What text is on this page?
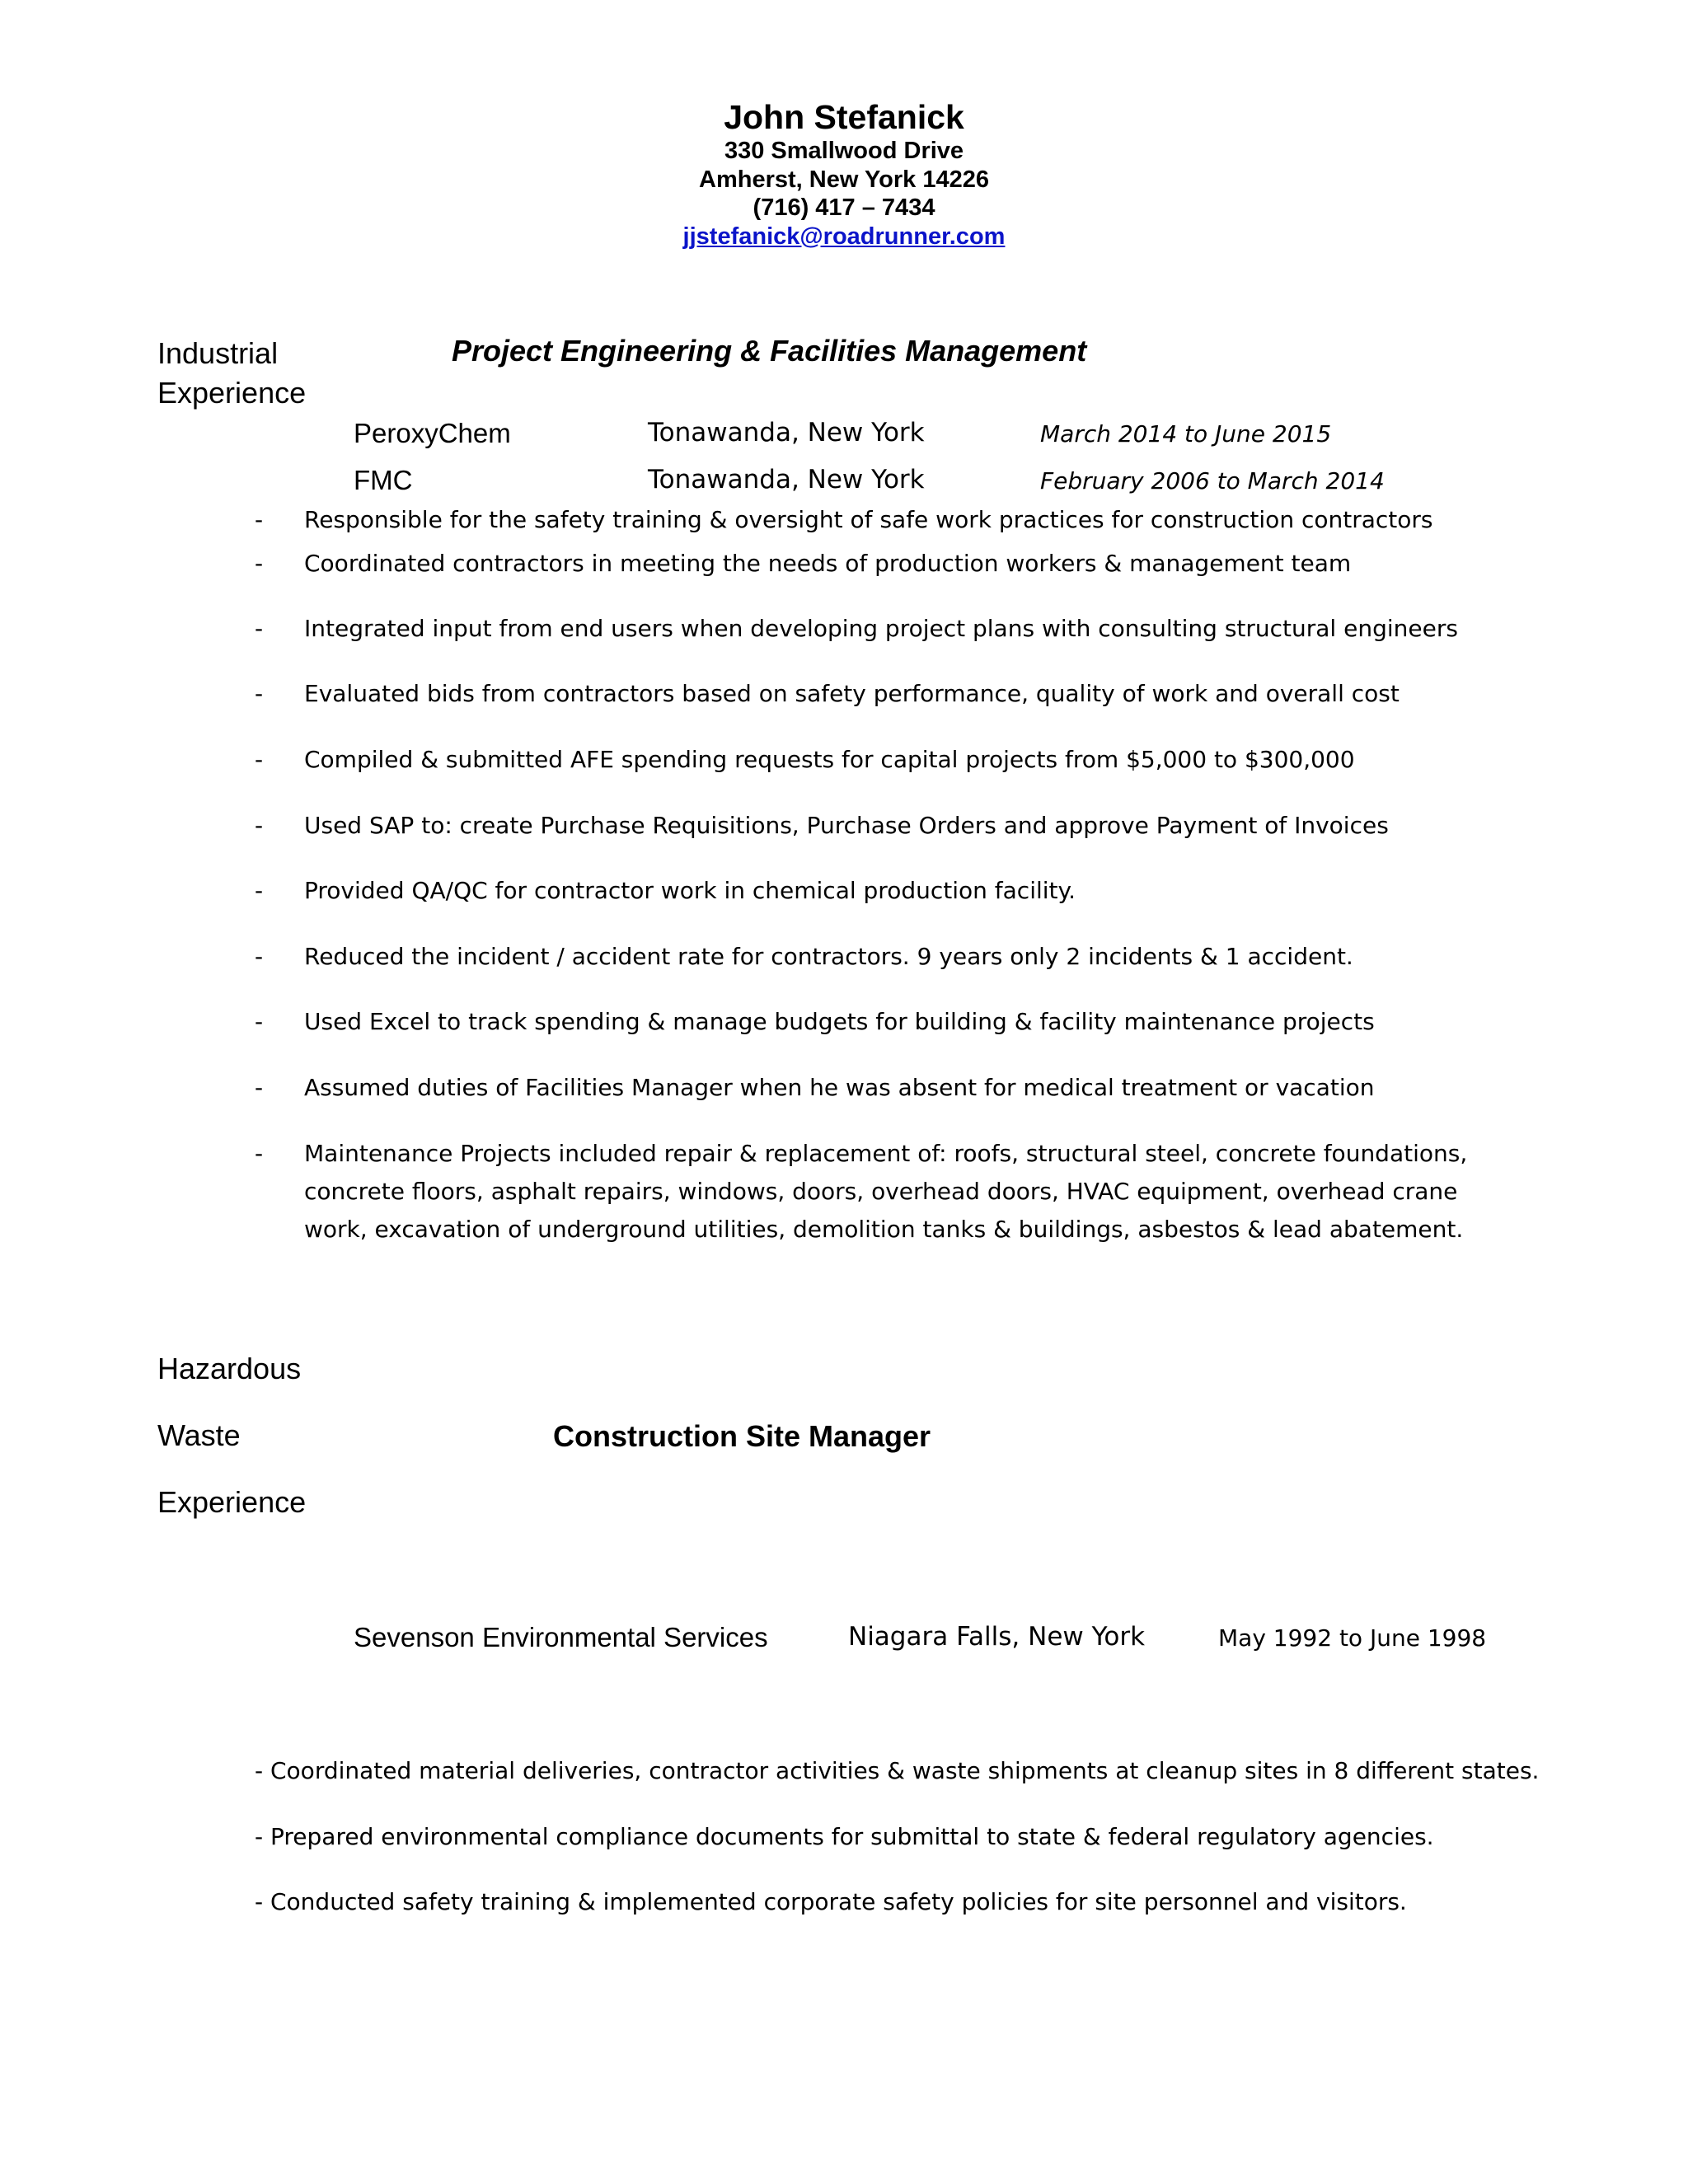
John Stefanick
330 Smallwood Drive
Amherst, New York 14226
(716) 417 – 7434
jjstefanick@roadrunner.com
Industrial
Experience
Project Engineering & Facilities Management
PeroxyChem	Tonawanda, New York	March 2014 to June 2015
FMC	Tonawanda, New York	February 2006 to March 2014
- Responsible for the safety training & oversight of safe work practices for construction contractors
- Coordinated contractors in meeting the needs of production workers & management team
- Integrated input from end users when developing project plans with consulting structural engineers
- Evaluated bids from contractors based on safety performance, quality of work and overall cost
- Compiled & submitted AFE spending requests for capital projects from $5,000 to $300,000
- Used SAP to: create Purchase Requisitions, Purchase Orders and approve Payment of Invoices
- Provided QA/QC for contractor work in chemical production facility.
- Reduced the incident / accident rate for contractors. 9 years only 2 incidents & 1 accident.
- Used Excel to track spending & manage budgets for building & facility maintenance projects
- Assumed duties of Facilities Manager when he was absent for medical treatment or vacation
- Maintenance Projects included repair & replacement of: roofs, structural steel, concrete foundations, concrete floors, asphalt repairs, windows, doors, overhead doors, HVAC equipment, overhead crane work, excavation of underground utilities, demolition tanks & buildings, asbestos & lead abatement.
Hazardous
Waste
Experience
Construction Site Manager
Sevenson Environmental Services	Niagara Falls, New York	May 1992 to June 1998
- Coordinated material deliveries, contractor activities & waste shipments at cleanup sites in 8 different states.
- Prepared environmental compliance documents for submittal to state & federal regulatory agencies.
- Conducted safety training & implemented corporate safety policies for site personnel and visitors.
